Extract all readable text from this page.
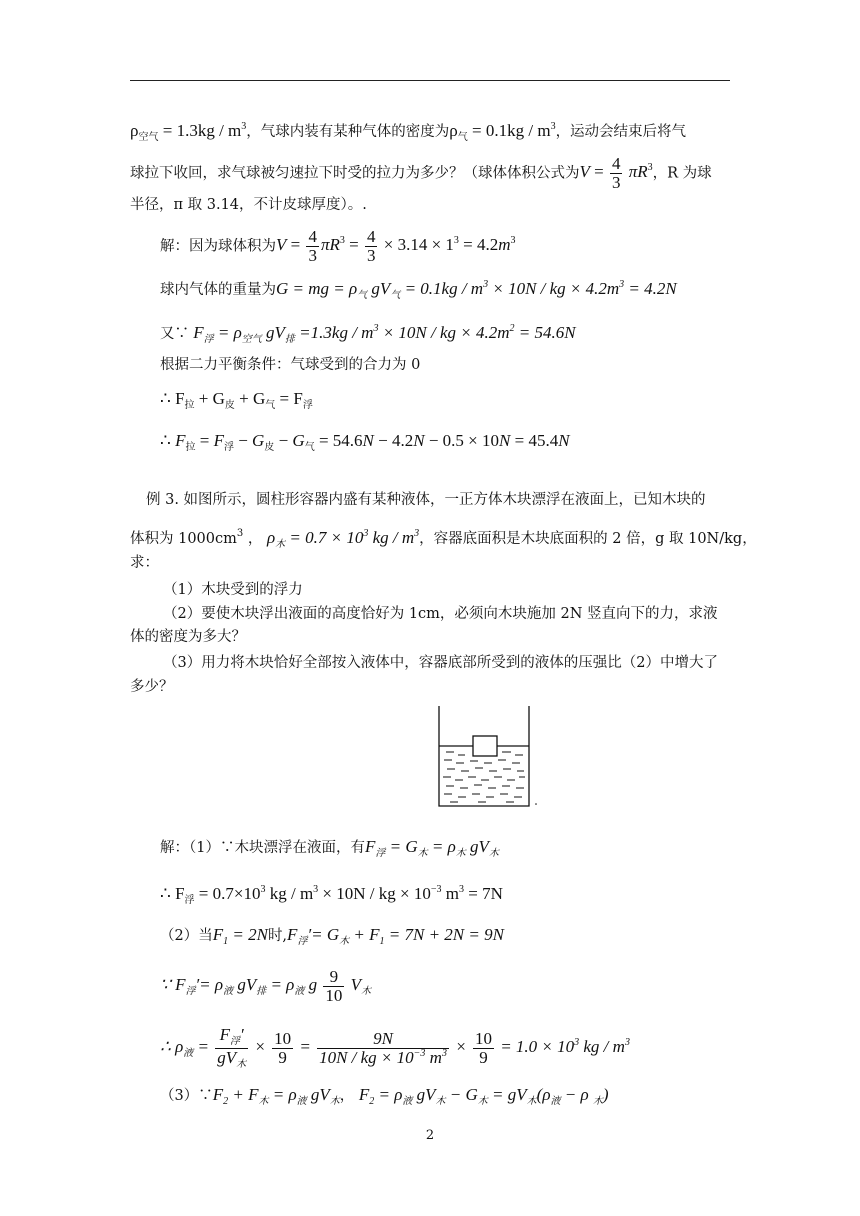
$\rho_{空气} = 1.3kg / m^3$，气球内装有某种气体的密度为$\rho_气 = 0.1kg / m^3$，运动会结束后将气
球拉下收回，求气球被匀速拉下时受的拉力为多少？（球体体积公式为$V = \frac{4}{3} \pi R^3$，R 为球
半径，π 取 3.14，不计皮球厚度）。.
解：因为球体积为$V = \frac{4}{3} \pi R^3 = \frac{4}{3} \times 3.14 \times 1^3 = 4.2m^3$
球内气体的重量为G = mg = $\rho_气$ $gV_气 = 0.1kg / m^3 \times 10N$ / kg × $4.2m^3 = 4.2N$
又∵ $F_浮 = \rho_{空气}$ $gV_排 =1.3kg / m^3 \times 10N$ / kg × $4.2m^2 = 54.6N$
根据二力平衡条件：气球受到的合力为 0
∴ $F_拉 + G_皮 + G_气 = F_浮$
∴ $F_拉 = F_浮 - G_皮 - G_气 = 54.6N - 4.2N - 0.5 \times 10N = 45.4N$
例 3. 如图所示，圆柱形容器内盛有某种液体，一正方体木块漂浮在液面上，已知木块的
体积为 $1000cm^3$ ， $\rho_木 = 0.7 \times 10^3$ kg / $m^3$，容器底面积是木块底面积的 2 倍，g 取 10N/kg，
求：
（1）木块受到的浮力
（2）要使木块浮出液面的高度恰好为 1cm，必须向木块施加 2N 竖直向下的力，求液
体的密度为多大？
（3）用力将木块恰好全部按入液体中，容器底部所受到的液体的压强比（2）中增大了
多少？
解：（1）∵木块漂浮在液面，有$F_浮 = G_木 = \rho_木$ $gV_木$
∴ $F_浮 = 0.7\times 10^3$ kg / $m^3 \times 10N$ / kg × $10^{-3}$ $m^3 = 7N$
（2）当$F_1 = 2N$时$,F_浮'= G_木 + F_1 = 7N + 2N = 9N$
∵ $F_浮'= \rho_液$ $gV_排 = \rho_液$ g $\frac{9}{10} V_木$
∴ $\rho_液 = \frac{F_浮'}{gV_木} \times \frac{10}{9} = \frac{9N}{10N / kg \times 10^{-3} m^3} \times \frac{10}{9} = 1.0 \times 10^3$ kg / $m^3$
$(3)\because F_2 + F_木 = \rho_液$ $gV_木$， $F_2 = \rho_液$ $gV_木 - G_木 = gV_木(\rho_液 - \rho$ $_木$)
2
